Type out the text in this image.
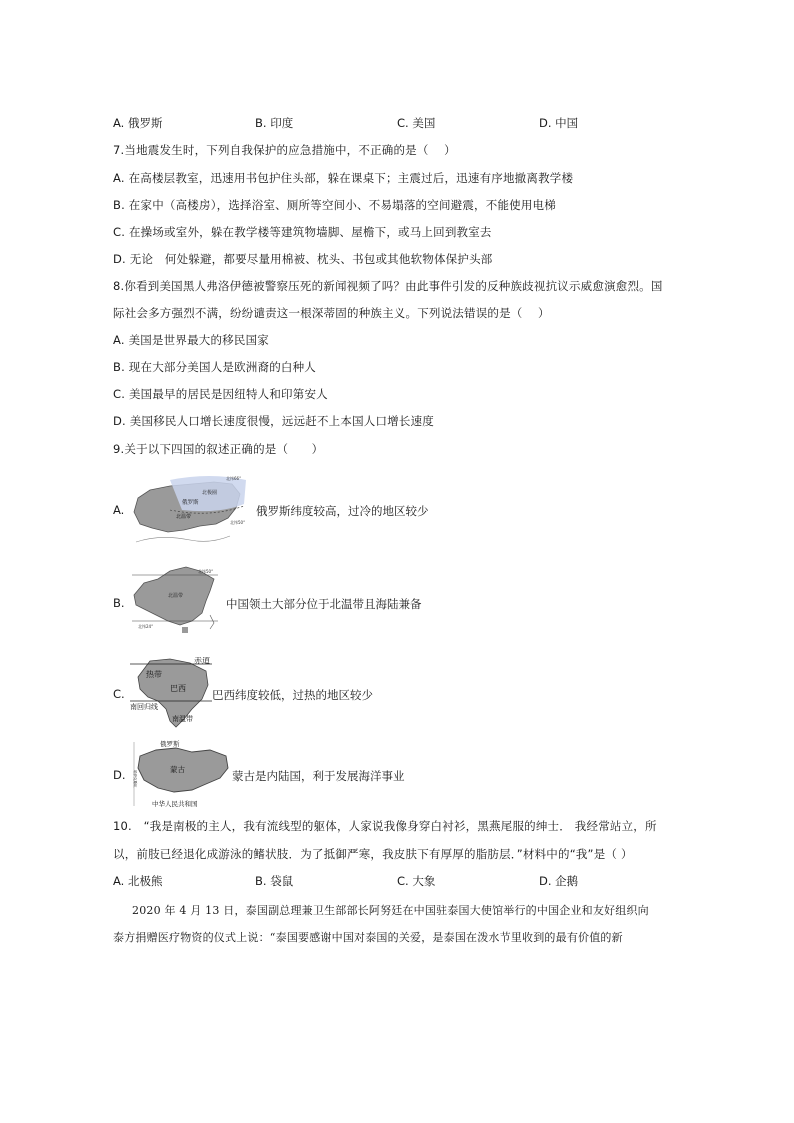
A. 俄罗斯	B. 印度	C. 美国	D. 中国
7.当地震发生时，下列自我保护的应急措施中，不正确的是（　 ）
A. 在高楼层教室，迅速用书包护住头部，躲在课桌下；主震过后，迅速有序地撤离教学楼
B. 在家中（高楼房），选择浴室、厕所等空间小、不易塌落的空间避震，不能使用电梯
C. 在操场或室外，躲在教学楼等建筑物墙脚、屋檐下，或马上回到教室去
D. 无论　何处躲避，都要尽量用棉被、枕头、书包或其他软物体保护头部
8.你看到美国黑人弗洛伊德被警察压死的新闻视频了吗？由此事件引发的反种族歧视抗议示威愈演愈烈。国
际社会多方强烈不满，纷纷谴责这一根深蒂固的种族主义。下列说法错误的是（　 ）
A. 美国是世界最大的移民国家
B. 现在大部分美国人是欧洲裔的白种人
C. 美国最早的居民是因纽特人和印第安人
D. 美国移民人口增长速度很慢，远远赶不上本国人口增长速度
9.关于以下四国的叙述正确的是（　　）
A.
北极圈
俄罗斯
北温带
北纬66°
北纬50°
俄罗斯纬度较高，过冷的地区较少
B.
北纬50°
北温带
北纬24°
中国领土大部分位于北温带且海陆兼备
C.
赤道
热带
巴西
南回归线
南温带
巴西纬度较低，过热的地区较少
D.
俄罗斯
蒙古
中华人民共和国
哈萨克斯坦	蒙古是内陆国，利于发展海洋事业
10.　“我是南极的主人，我有流线型的躯体，人家说我像身穿白衬衫，黑燕尾服的绅士． 我经常站立，所
以，前肢已经退化成游泳的鳍状肢．为了抵御严寒，我皮肤下有厚厚的脂肪层．”材料中的“我”是（ ）
A. 北极熊	B. 袋鼠	C. 大象	D. 企鹅
2020 年 4 月 13 日，泰国副总理兼卫生部部长阿努廷在中国驻泰国大使馆举行的中国企业和友好组织向
泰方捐赠医疗物资的仪式上说：“泰国要感谢中国对泰国的关爱，是泰国在泼水节里收到的最有价值的新
